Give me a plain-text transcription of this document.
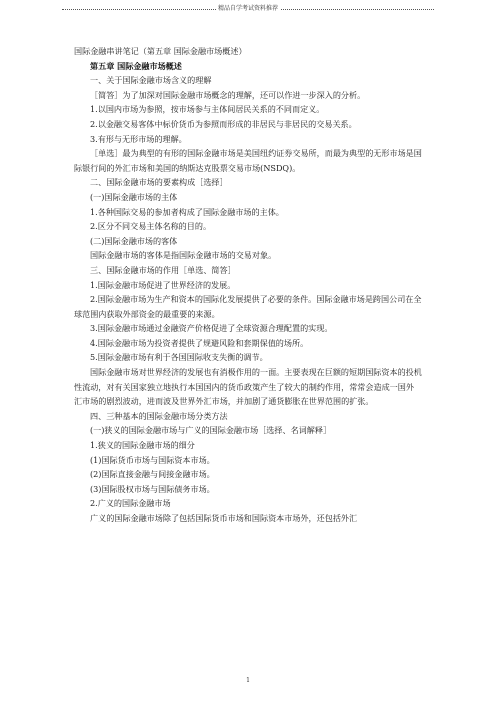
精品自学考试资料推荐

国际金融串讲笔记（第五章 国际金融市场概述）

第五章 国际金融市场概述

一、关于国际金融市场含义的理解

［简答］为了加深对国际金融市场概念的理解，还可以作进一步深入的分析。

1.以国内市场为参照，按市场参与主体间居民关系的不同而定义。

2.以金融交易客体中标价货币为参照而形成的非居民与非居民的交易关系。

3.有形与无形市场的理解。

［单选］最为典型的有形的国际金融市场是美国纽约证券交易所，而最为典型的无形市场是国际银行间的外汇市场和美国的纳斯达克股票交易市场(NSDQ)。

二、国际金融市场的要素构成［选择］

(一)国际金融市场的主体

1.各种国际交易的参加者构成了国际金融市场的主体。

2.区分不同交易主体名称的目的。

(二)国际金融市场的客体

国际金融市场的客体是指国际金融市场的交易对象。

三、国际金融市场的作用［单选、简答］

1.国际金融市场促进了世界经济的发展。

2.国际金融市场为生产和资本的国际化发展提供了必要的条件。国际金融市场是跨国公司在全球范围内获取外部资金的最重要的来源。

3.国际金融市场通过金融资产价格促进了全球资源合理配置的实现。

4.国际金融市场为投资者提供了规避风险和套期保值的场所。

5.国际金融市场有利于各国国际收支失衡的调节。

国际金融市场对世界经济的发展也有消极作用的一面。主要表现在巨额的短期国际资本的投机性流动，对有关国家独立地执行本国国内的货币政策产生了较大的制约作用，常常会造成一国外汇市场的剧烈波动，进而波及世界外汇市场，并加剧了通货膨胀在世界范围的扩张。

四、三种基本的国际金融市场分类方法

(一)狭义的国际金融市场与广义的国际金融市场［选择、名词解释］

1.狭义的国际金融市场的细分

(1)国际货币市场与国际资本市场。

(2)国际直接金融与间接金融市场。

(3)国际股权市场与国际债务市场。

2.广义的国际金融市场

广义的国际金融市场除了包括国际货币市场和国际资本市场外，还包括外汇

1
